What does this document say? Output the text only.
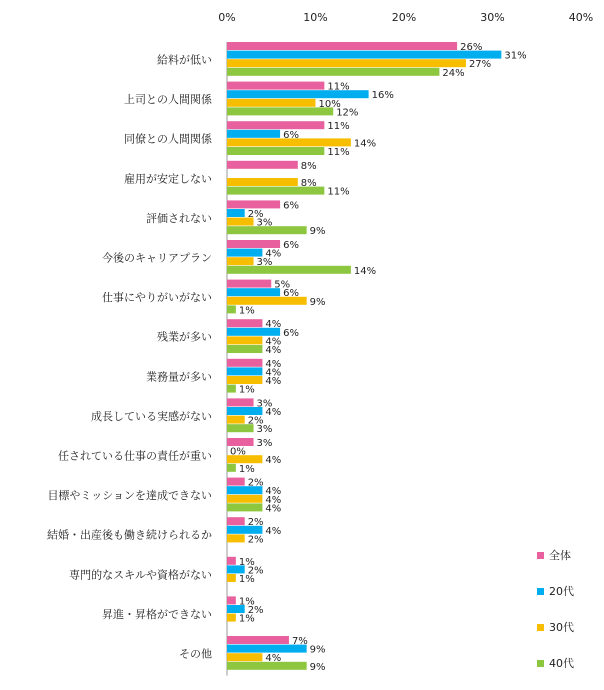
0%	10%	20%	30%	40%
給料が低い
上司との人間関係
同僚との人間関係
雇用が安定しない
評価されない
今後のキャリアプラン
仕事にやりがいがない
残業が多い
業務量が多い
成長している実感がない
任されている仕事の責任が重い
目標やミッションを達成できない
結婚・出産後も働き続けられるか
専門的なスキルや資格がない
昇進・昇格ができない
その他
26%
31%
27%
24%
11%
16%
10%
12%
11%
6%
14%
11%
8%
8%
11%
6%
2%
3%
9%
6%
4%
3%
14%
5%
6%
9%
1%
4%
6%
4%
4%
4%
4%
4%
1%
3%
4%
2%
3%
3%
0%
4%
1%
2%
4%
4%
4%
2%
4%
2%
1%
2%
1%
1%
2%
1%
7%
9%
4%
9%
全体
20代
30代
40代
